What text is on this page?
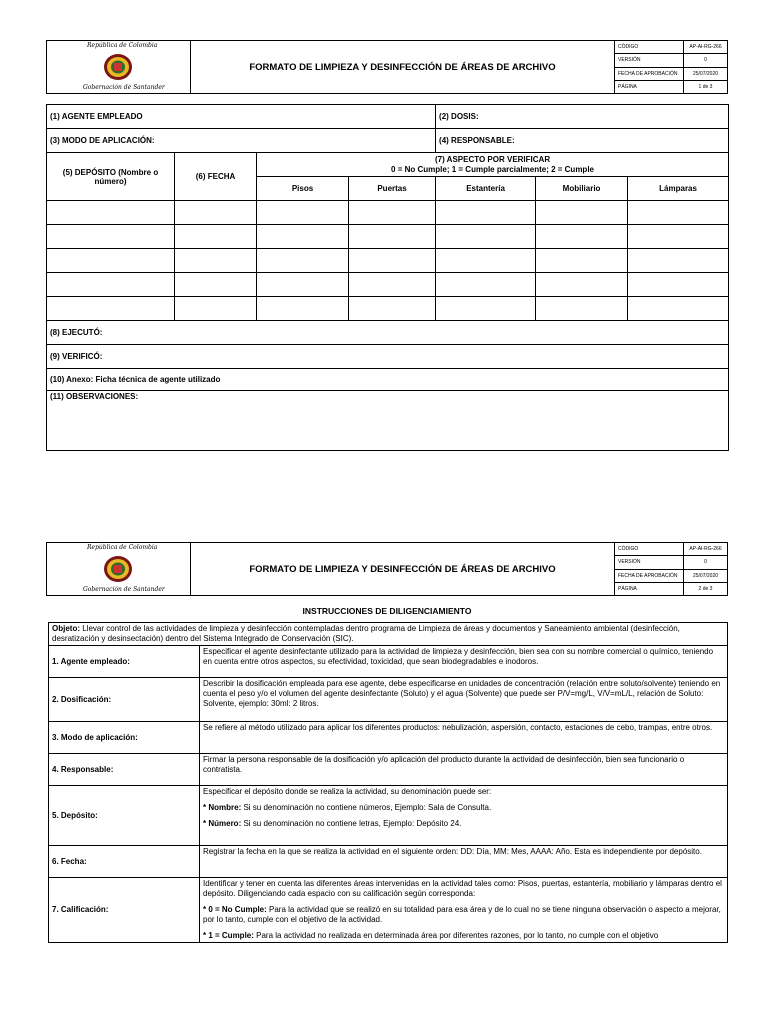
República de Colombia
Gobernación de Santander	FORMATO DE LIMPIEZA Y DESINFECCIÓN DE ÁREAS DE ARCHIVO	CÓDIGO	AP-AI-RG-266
		VERSIÓN	0
		FECHA DE APROBACIÓN	25/07/2020
		PÁGINA	1 de 3
(1) AGENTE EMPLEADO				(2) DOSIS:		
(3) MODO DE APLICACIÓN:				(4) RESPONSABLE:		
(5) DEPÓSITO (Nombre o número)	(6) FECHA	(7) ASPECTO POR VERIFICAR
0 = No Cumple; 1 = Cumple parcialmente; 2 = Cumple				

		Pisos	Puertas	Estantería	Mobiliario	Lámparas

(8) EJECUTÓ:						
(9) VERIFICÓ:						
(10) Anexo: Ficha técnica de agente utilizado						
(11) OBSERVACIONES:						
República de Colombia
Gobernación de Santander	FORMATO DE LIMPIEZA Y DESINFECCIÓN DE ÁREAS DE ARCHIVO	CÓDIGO	AP-AI-RG-266
		VERSIÓN	0
		FECHA DE APROBACIÓN	25/07/2020
		PÁGINA	2 de 3
INSTRUCCIONES DE DILIGENCIAMIENTO
Objeto: Llevar control de las actividades de limpieza y desinfección contempladas dentro programa de Limpieza de áreas y documentos y Saneamiento ambiental (desinfección, desratización y desinsectación) dentro del Sistema Integrado de Conservación (SIC).	
1. Agente empleado:	Especificar el agente desinfectante utilizado para la actividad de limpieza y desinfección, bien sea con su nombre comercial o químico, teniendo en cuenta entre otros aspectos, su efectividad, toxicidad, que sean biodegradables e inodoros.
2. Dosificación:	Describir la dosificación empleada para ese agente, debe especificarse en unidades de concentración (relación entre soluto/solvente) teniendo en cuenta el peso y/o el volumen del agente desinfectante (Soluto) y el agua (Solvente) que puede ser P/V=mg/L, V/V=mL/L, relación de Soluto: Solvente, ejemplo: 30ml: 2 litros.
3. Modo de aplicación:	Se refiere al método utilizado para aplicar los diferentes productos: nebulización, aspersión, contacto, estaciones de cebo, trampas, entre otros.
4. Responsable:	Firmar la persona responsable de la dosificación y/o aplicación del producto durante la actividad de desinfección, bien sea funcionario o contratista.
5. Depósito:	Especificar el depósito donde se realiza la actividad, su denominación puede ser:

* Nombre: Si su denominación no contiene números, Ejemplo: Sala de Consulta.

* Número: Si su denominación no contiene letras, Ejemplo: Depósito 24.

6. Fecha:	Registrar la fecha en la que se realiza la actividad en el siguiente orden: DD: Día, MM: Mes, AAAA: Año. Esta es independiente por depósito.
7. Calificación:	Identificar y tener en cuenta las diferentes áreas intervenidas en la actividad tales como: Pisos, puertas, estantería, mobiliario y lámparas dentro el depósito. Diligenciando cada espacio con su calificación según corresponda:

* 0 = No Cumple: Para la actividad que se realizó en su totalidad para esa área y de lo cual no se tiene ninguna observación o aspecto a mejorar, por lo tanto, cumple con el objetivo de la actividad.

* 1 = Cumple: Para la actividad no realizada en determinada área por diferentes razones, por lo tanto, no cumple con el objetivo
